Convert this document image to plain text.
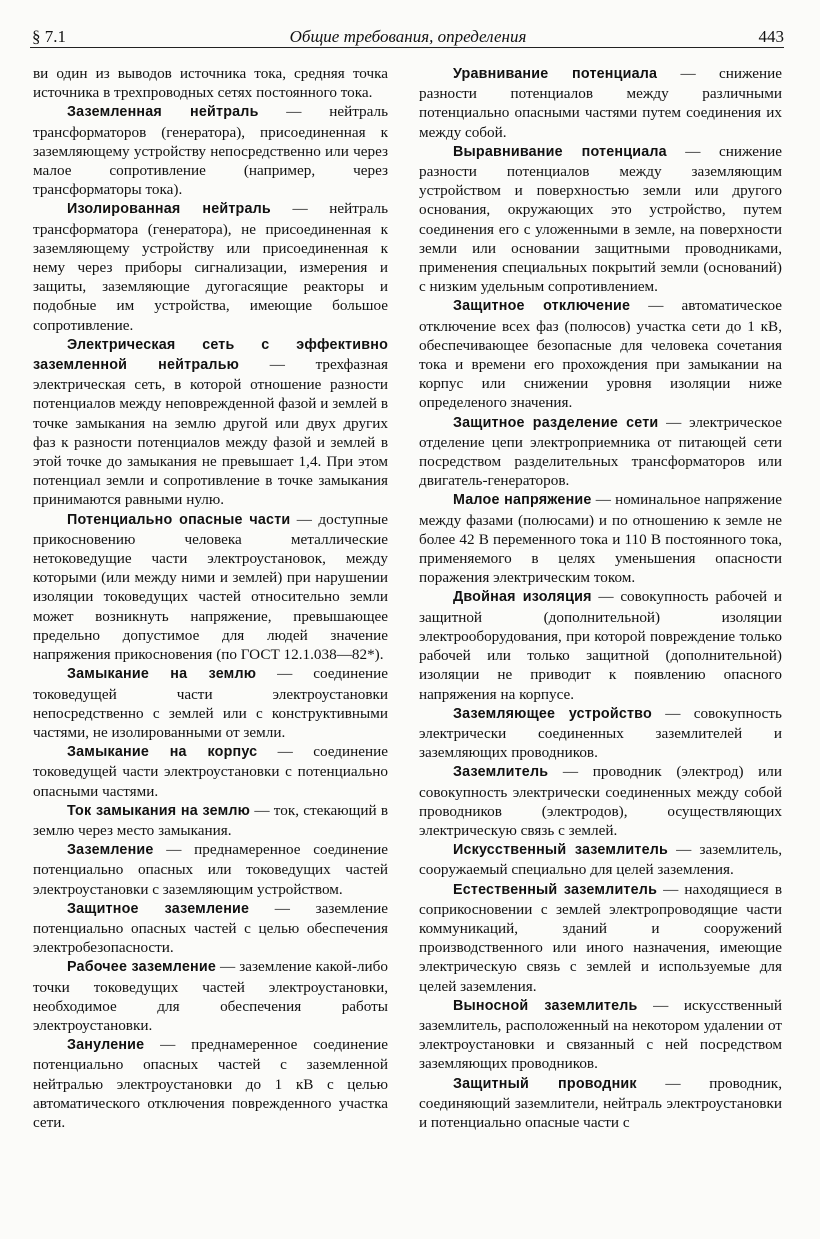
§ 7.1	Общие требования, определения	443

ви один из выводов источника тока, средняя точка источника в трехпроводных сетях постоянного тока.

Заземленная нейтраль — нейтраль трансформаторов (генератора), присоединенная к заземляющему устройству непосредственно или через малое сопротивление (например, через трансформаторы тока).

Изолированная нейтраль — нейтраль трансформатора (генератора), не присоединенная к заземляющему устройству или присоединенная к нему через приборы сигнализации, измерения и защиты, заземляющие дугогасящие реакторы и подобные им устройства, имеющие большое сопротивление.

Электрическая сеть с эффективно заземленной нейтралью — трехфазная электрическая сеть, в которой отношение разности потенциалов между неповрежденной фазой и землей в точке замыкания на землю другой или двух других фаз к разности потенциалов между фазой и землей в этой точке до замыкания не превышает 1,4. При этом потенциал земли и сопротивление в точке замыкания принимаются равными нулю.

Потенциально опасные части — доступные прикосновению человека металлические нетоковедущие части электроустановок, между которыми (или между ними и землей) при нарушении изоляции токоведущих частей относительно земли может возникнуть напряжение, превышающее предельно допустимое для людей значение напряжения прикосновения (по ГОСТ 12.1.038—82*).

Замыкание на землю — соединение токоведущей части электроустановки непосредственно с землей или с конструктивными частями, не изолированными от земли.

Замыкание на корпус — соединение токоведущей части электроустановки с потенциально опасными частями.

Ток замыкания на землю — ток, стекающий в землю через место замыкания.

Заземление — преднамеренное соединение потенциально опасных или токоведущих частей электроустановки с заземляющим устройством.

Защитное заземление — заземление потенциально опасных частей с целью обеспечения электробезопасности.

Рабочее заземление — заземление какой-либо точки токоведущих частей электроустановки, необходимое для обеспечения работы электроустановки.

Зануление — преднамеренное соединение потенциально опасных частей с заземленной нейтралью электроустановки до 1 кВ с целью автоматического отключения поврежденного участка сети.

Уравнивание потенциала — снижение разности потенциалов между различными потенциально опасными частями путем соединения их между собой.

Выравнивание потенциала — снижение разности потенциалов между заземляющим устройством и поверхностью земли или другого основания, окружающих это устройство, путем соединения его с уложенными в земле, на поверхности земли или основании защитными проводниками, применения специальных покрытий земли (оснований) с низким удельным сопротивлением.

Защитное отключение — автоматическое отключение всех фаз (полюсов) участка сети до 1 кВ, обеспечивающее безопасные для человека сочетания тока и времени его прохождения при замыкании на корпус или снижении уровня изоляции ниже определеного значения.

Защитное разделение сети — электрическое отделение цепи электроприемника от питающей сети посредством разделительных трансформаторов или двигатель-генераторов.

Малое напряжение — номинальное напряжение между фазами (полюсами) и по отношению к земле не более 42 В переменного тока и 110 В постоянного тока, применяемого в целях уменьшения опасности поражения электрическим током.

Двойная изоляция — совокупность рабочей и защитной (дополнительной) изоляции электрооборудования, при которой повреждение только рабочей или только защитной (дополнительной) изоляции не приводит к появлению опасного напряжения на корпусе.

Заземляющее устройство — совокупность электрически соединенных заземлителей и заземляющих проводников.

Заземлитель — проводник (электрод) или совокупность электрически соединенных между собой проводников (электродов), осуществляющих электрическую связь с землей.

Искусственный заземлитель — заземлитель, сооружаемый специально для целей заземления.

Естественный заземлитель — находящиеся в соприкосновении с землей электропроводящие части коммуникаций, зданий и сооружений производственного или иного назначения, имеющие электрическую связь с землей и используемые для целей заземления.

Выносной заземлитель — искусственный заземлитель, расположенный на некотором удалении от электроустановки и связанный с ней посредством заземляющих проводников.

Защитный проводник — проводник, соединяющий заземлители, нейтраль электроустановки и потенциально опасные части с
